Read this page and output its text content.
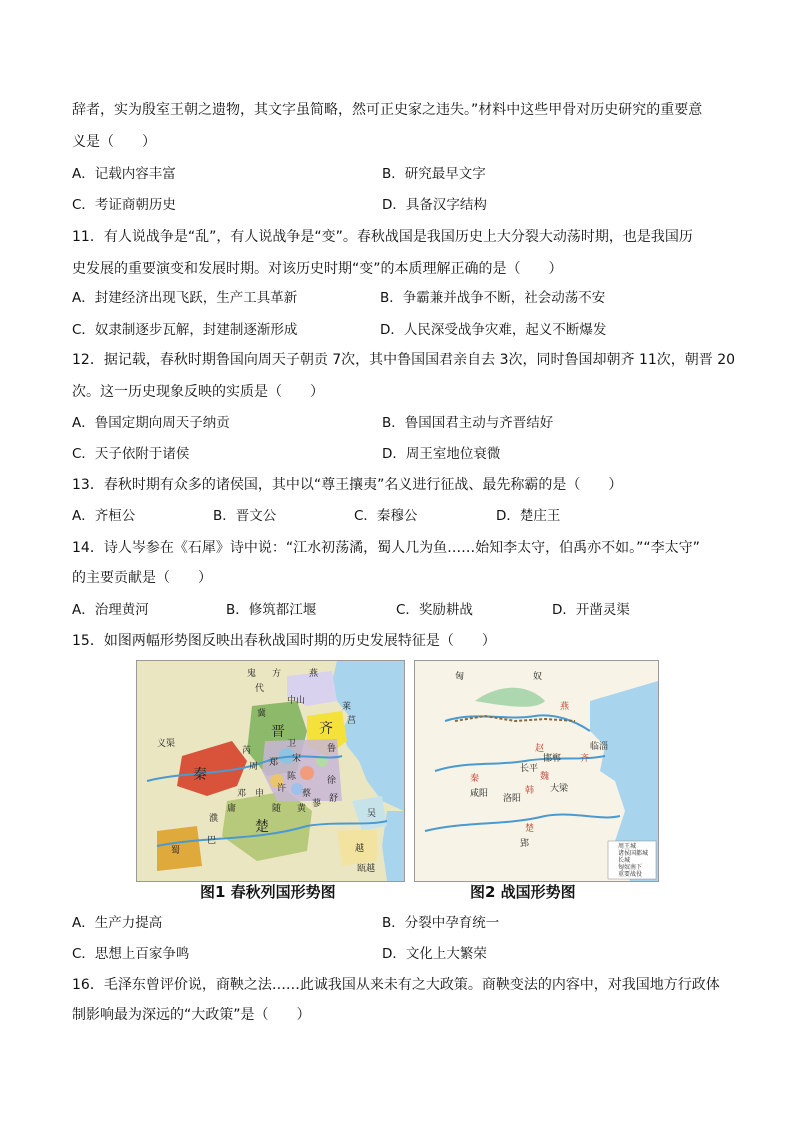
辞者，实为殷室王朝之遗物，其文字虽简略，然可正史家之违失。”材料中这些甲骨对历史研究的重要意
义是（　　）
A．记载内容丰富	B．研究最早文字
C．考证商朝历史	D．具备汉字结构
11．有人说战争是“乱”，有人说战争是“变”。春秋战国是我国历史上大分裂大动荡时期，也是我国历
史发展的重要演变和发展时期。对该历史时期“变”的本质理解正确的是（　　）
A．封建经济出现飞跃，生产工具革新	B．争霸兼并战争不断，社会动荡不安
C．奴隶制逐步瓦解，封建制逐渐形成	D．人民深受战争灾难，起义不断爆发
12．据记载，春秋时期鲁国向周天子朝贡 7次，其中鲁国国君亲自去 3次，同时鲁国却朝齐 11次，朝晋 20
次。这一历史现象反映的实质是（　　）
A．鲁国定期向周天子纳贡	B．鲁国国君主动与齐晋结好
C．天子依附于诸侯	D．周王室地位衰微
13．春秋时期有众多的诸侯国，其中以“尊王攘夷”名义进行征战、最先称霸的是（　　）
A．齐桓公	B．晋文公	C．秦穆公	D．楚庄王
14．诗人岑参在《石犀》诗中说：“江水初荡潏，蜀人几为鱼……始知李太守，伯禹亦不如。”“李太守”
的主要贡献是（　　）
A．治理黄河	B．修筑都江堰	C．奖励耕战	D．开凿灵渠
15．如图两幅形势图反映出春秋战国时期的历史发展特征是（　　）
鬼 方
代
燕
中山
晋 齐
秦
义渠
周 郑 宋
鲁
徐
楚
吴
越
蜀
巴
莒
卫
陈
蔡
许
申
邓
庸
濮
芮
冀
蓼 舒
黄
随
莱
瓯越
匈	奴
燕
赵
齐
秦	魏
韩
楚
咸阳 洛阳
邯郸
临淄
长平
大梁
郢	周王城
诸侯国都城
长城
匈奴南下
重要战役
图1 春秋列国形势图	图2 战国形势图
A．生产力提高	B．分裂中孕育统一
C．思想上百家争鸣	D．文化上大繁荣
16．毛泽东曾评价说，商鞅之法……此诚我国从来未有之大政策。商鞅变法的内容中，对我国地方行政体
制影响最为深远的“大政策”是（　　）
